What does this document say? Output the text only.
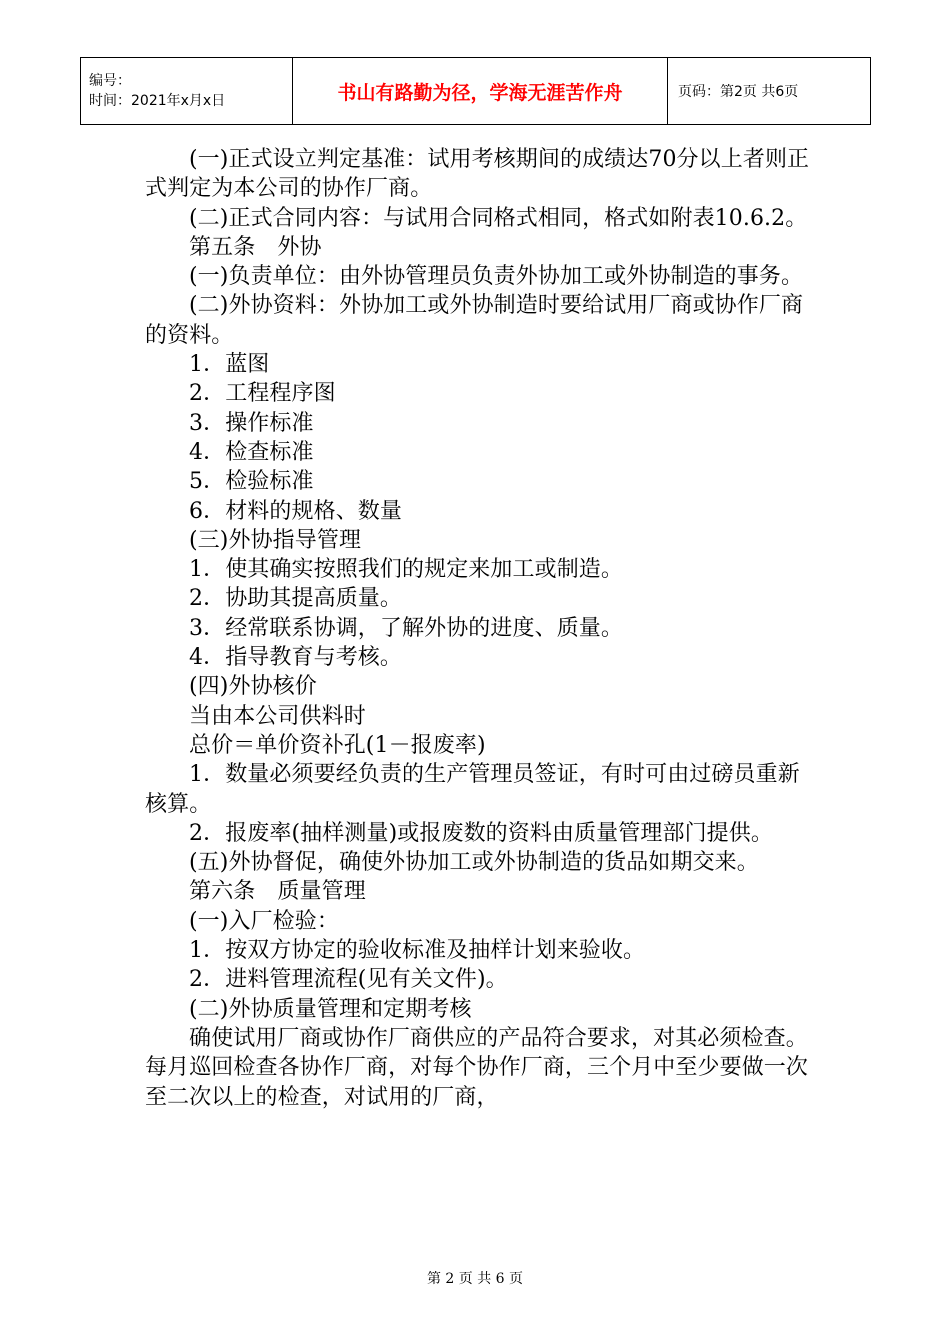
编号：
时间：2021年x月x日	书山有路勤为径，学海无涯苦作舟	页码：第2页 共6页

(一)正式设立判定基准：试用考核期间的成绩达70分以上者则正式判定为本公司的协作厂商。

(二)正式合同内容：与试用合同格式相同，格式如附表10.6.2。

第五条　外协

(一)负责单位：由外协管理员负责外协加工或外协制造的事务。

(二)外协资料：外协加工或外协制造时要给试用厂商或协作厂商的资料。

1．蓝图

2．工程程序图

3．操作标准

4．检查标准

5．检验标准

6．材料的规格、数量

(三)外协指导管理

1．使其确实按照我们的规定来加工或制造。

2．协助其提高质量。

3．经常联系协调，了解外协的进度、质量。

4．指导教育与考核。

(四)外协核价

当由本公司供料时

总价＝单价资䃼孔(1－报废率)

1．数量必须要经负责的生产管理员签证，有时可由过磅员重新核算。

2．报废率(抽样测量)或报废数的资料由质量管理部门提供。

(五)外协督促，确使外协加工或外协制造的货品如期交来。

第六条　质量管理

(一)入厂检验：

1．按双方协定的验收标准及抽样计划来验收。

2．进料管理流程(见有关文件)。

(二)外协质量管理和定期考核

确使试用厂商或协作厂商供应的产品符合要求，对其必须检查。每月巡回检查各协作厂商，对每个协作厂商，三个月中至少要做一次至二次以上的检查，对试用的厂商，

第 2 页 共 6 页
